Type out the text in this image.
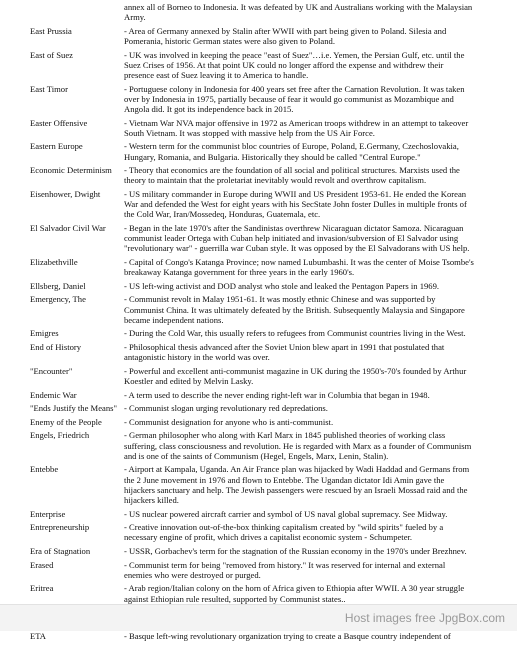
annex all of Borneo to Indonesia. It was defeated by UK and Australians working with the Malaysian Army.
East Prussia	- Area of Germany annexed by Stalin after WWII with part being given to Poland. Silesia and Pomerania, historic German states were also given to Poland.
East of Suez	- UK was involved in keeping the peace "east of Suez"…i.e. Yemen, the Persian Gulf, etc. until the Suez Crises of 1956. At that point UK could no longer afford the expense and withdrew their presence east of Suez leaving it to America to handle.
East Timor	- Portuguese colony in Indonesia for 400 years set free after the Carnation Revolution. It was taken over by Indonesia in 1975, partially because of fear it would go communist as Mozambique and Angola did. It got its independence back in 2015.
Easter Offensive	- Vietnam War NVA major offensive in 1972 as American troops withdrew in an attempt to takeover South Vietnam. It was stopped with massive help from the US Air Force.
Eastern Europe	- Western term for the communist bloc countries of Europe, Poland, E.Germany, Czechoslovakia, Hungary, Romania, and Bulgaria. Historically they should be called "Central Europe."
Economic Determinism	- Theory that economics are the foundation of all social and political structures. Marxists used the theory to maintain that the proletariat inevitably would revolt and overthrow capitalism.
Eisenhower, Dwight	- US military commander in Europe during WWII and US President 1953-61. He ended the Korean War and defended the West for eight years with his SecState John foster Dulles in multiple fronts of the Cold War, Iran/Mossedeq, Honduras, Guatemala, etc.
El Salvador Civil War	- Began in the late 1970's after the Sandinistas overthrew Nicaraguan dictator Samoza. Nicaraguan communist leader Ortega with Cuban help initiated and invasion/subversion of El Salvador using "revolutionary war" - guerrilla war Cuban style. It was opposed by the El Salvadorans with US help.
Elizabethville	- Capital of Congo's Katanga Province; now named Lubumbashi. It was the center of Moise Tsombe's breakaway Katanga government for three years in the early 1960's.
Ellsberg, Daniel	- US left-wing activist and DOD analyst who stole and leaked the Pentagon Papers in 1969.
Emergency, The	- Communist revolt in Malay 1951-61. It was mostly ethnic Chinese and was supported by Communist China. It was ultimately defeated by the British. Subsequently Malaysia and Singapore became independent nations.
Emigres	- During the Cold War, this usually refers to refugees from Communist countries living in the West.
End of History	- Philosophical thesis advanced after the Soviet Union blew apart in 1991 that postulated that antagonistic history in the world was over.
"Encounter"	- Powerful and excellent anti-communist magazine in UK during the 1950's-70's founded by Arthur Koestler and edited by Melvin Lasky.
Endemic War	- A term used to describe the never ending right-left war in Columbia that began in 1948.
"Ends Justify the Means" - Communist slogan urging revolutionary red depredations.
Enemy of the People	- Communist designation for anyone who is anti-communist.
Engels, Friedrich	- German philosopher who along with Karl Marx in 1845 published theories of working class suffering, class consciousness and revolution. He is regarded with Marx as a founder of Communism and is one of the saints of Communism (Hegel, Engels, Marx, Lenin, Stalin).
Entebbe	- Airport at Kampala, Uganda. An Air France plan was hijacked by Wadi Haddad and Germans from the 2 June movement in 1976 and flown to Entebbe. The Ugandan dictator Idi Amin gave the hijackers sanctuary and help. The Jewish passengers were rescued by an Israeli Mossad raid and the hijackers killed.
Enterprise	- US nuclear powered aircraft carrier and symbol of US naval global supremacy. See Midway.
Entrepreneurship	- Creative innovation out-of-the-box thinking capitalism created by "wild spirits" fueled by a necessary engine of profit, which drives a capitalist economic system - Schumpeter.
Era of Stagnation	- USSR, Gorbachev's term for the stagnation of the Russian economy in the 1970's under Brezhnev.
Erased	- Communist term for being "removed from history." It was reserved for internal and external enemies who were destroyed or purged.
Eritrea	- Arab region/Italian colony on the horn of Africa given to Ethiopia after WWII. A 30 year struggle against Ethiopian rule resulted, supported by Communist states..
ETA	- Basque left-wing revolutionary organization trying to create a Basque country independent of
Host images free JpgBox.com
